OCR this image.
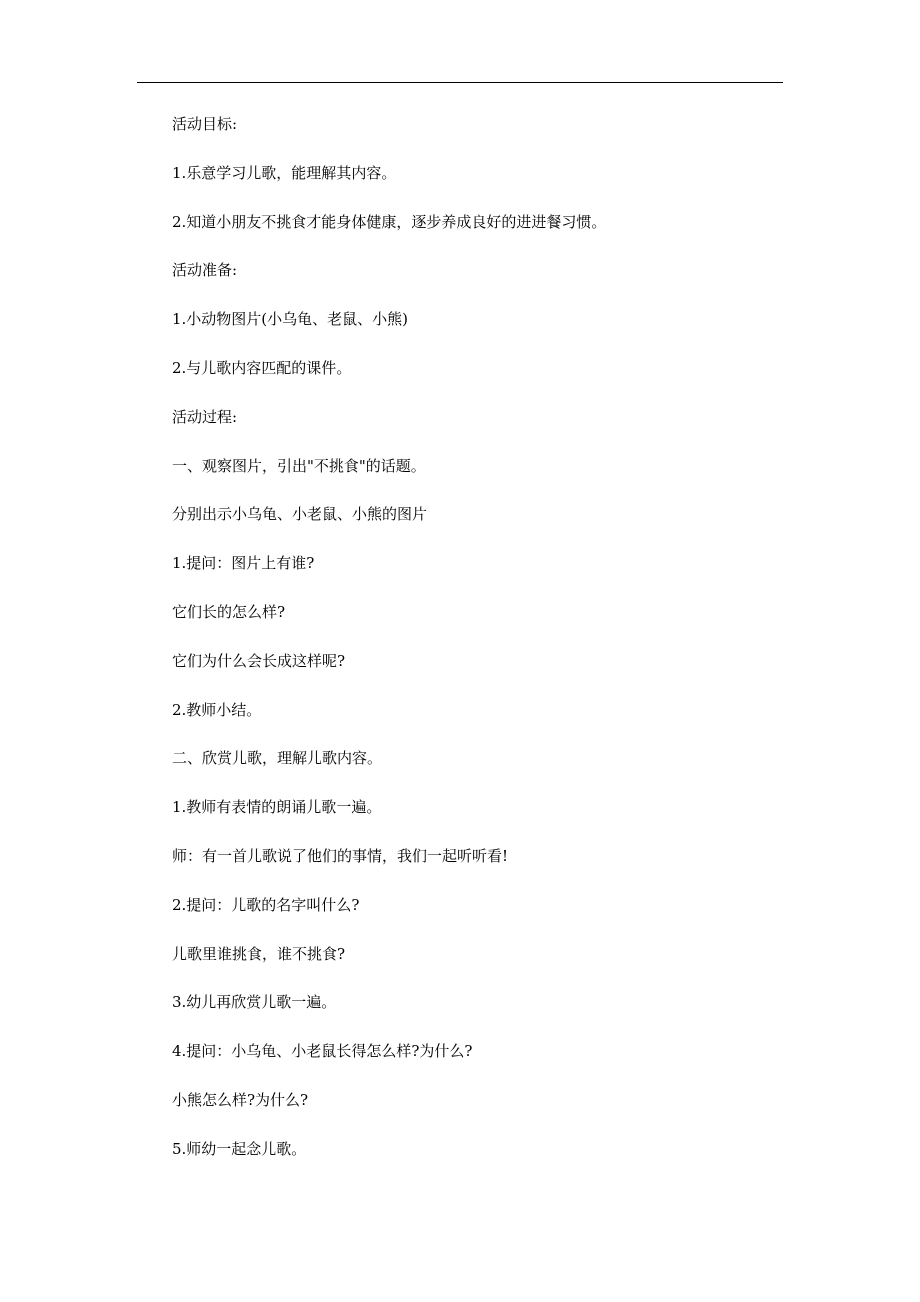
活动目标:
1.乐意学习儿歌，能理解其内容。
2.知道小朋友不挑食才能身体健康，逐步养成良好的进进餐习惯。
活动准备:
1.小动物图片(小乌龟、老鼠、小熊)
2.与儿歌内容匹配的课件。
活动过程:
一、观察图片，引出"不挑食"的话题。
分别出示小乌龟、小老鼠、小熊的图片
1.提问：图片上有谁?
它们长的怎么样?
它们为什么会长成这样呢?
2.教师小结。
二、欣赏儿歌，理解儿歌内容。
1.教师有表情的朗诵儿歌一遍。
师：有一首儿歌说了他们的事情，我们一起听听看!
2.提问：儿歌的名字叫什么?
儿歌里谁挑食，谁不挑食?
3.幼儿再欣赏儿歌一遍。
4.提问：小乌龟、小老鼠长得怎么样?为什么?
小熊怎么样?为什么?
5.师幼一起念儿歌。
